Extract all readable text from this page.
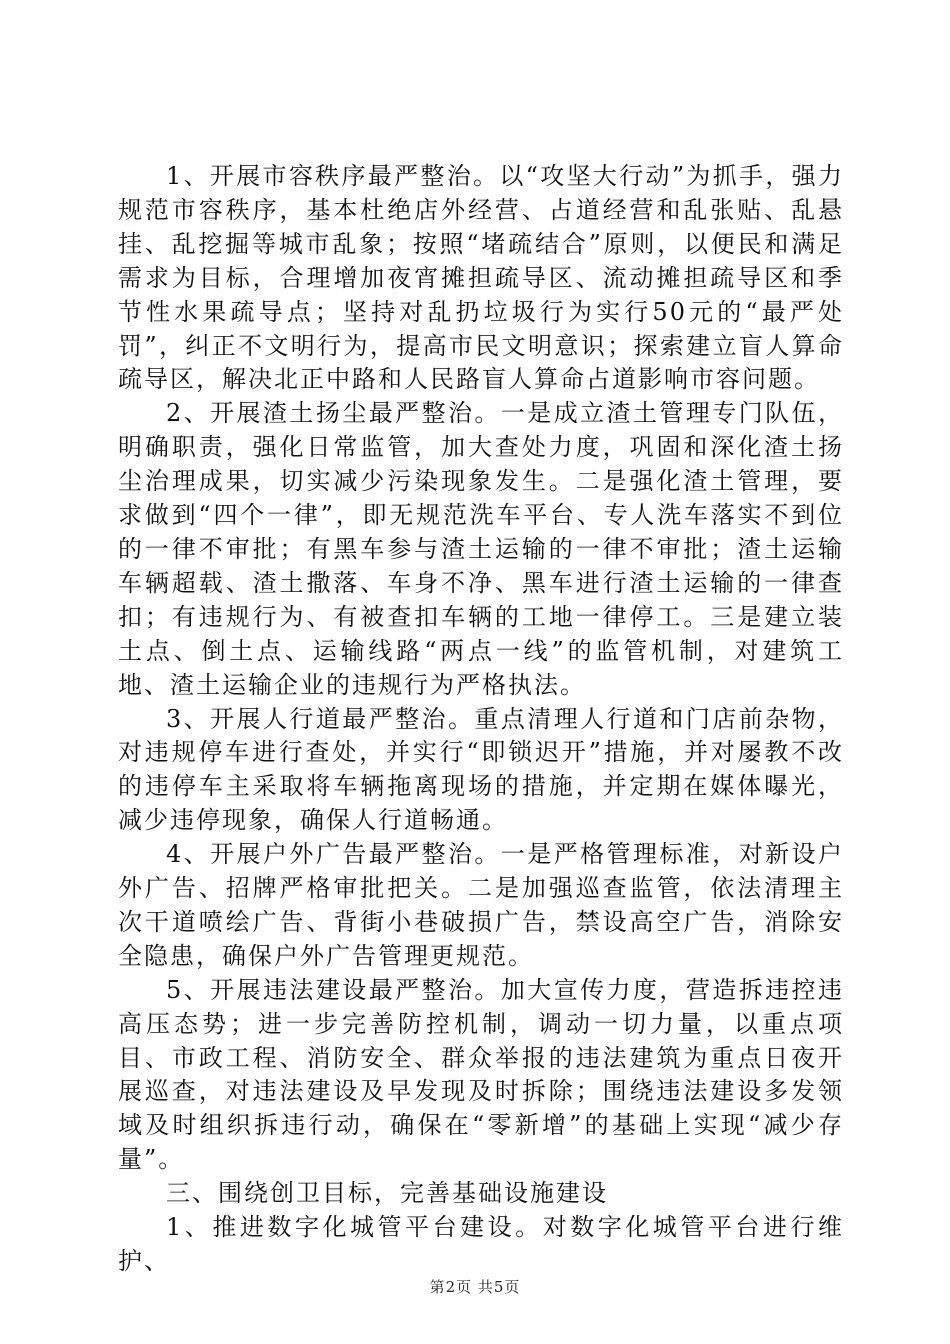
1、开展市容秩序最严整治。以“攻坚大行动”为抓手，强力规范市容秩序，基本杜绝店外经营、占道经营和乱张贴、乱悬挂、乱挖掘等城市乱象；按照“堵疏结合”原则，以便民和满足需求为目标，合理增加夜宵摊担疏导区、流动摊担疏导区和季节性水果疏导点；坚持对乱扔垃圾行为实行50元的“最严处罚”，纠正不文明行为，提高市民文明意识；探索建立盲人算命疏导区，解决北正中路和人民路盲人算命占道影响市容问题。

2、开展渣土扬尘最严整治。一是成立渣土管理专门队伍，明确职责，强化日常监管，加大查处力度，巩固和深化渣土扬尘治理成果，切实减少污染现象发生。二是强化渣土管理，要求做到“四个一律”，即无规范洗车平台、专人洗车落实不到位的一律不审批；有黑车参与渣土运输的一律不审批；渣土运输车辆超载、渣土撒落、车身不净、黑车进行渣土运输的一律查扣；有违规行为、有被查扣车辆的工地一律停工。三是建立装土点、倒土点、运输线路“两点一线”的监管机制，对建筑工地、渣土运输企业的违规行为严格执法。

3、开展人行道最严整治。重点清理人行道和门店前杂物，对违规停车进行查处，并实行“即锁迟开”措施，并对屡教不改的违停车主采取将车辆拖离现场的措施，并定期在媒体曝光，减少违停现象，确保人行道畅通。

4、开展户外广告最严整治。一是严格管理标准，对新设户外广告、招牌严格审批把关。二是加强巡查监管，依法清理主次干道喷绘广告、背街小巷破损广告，禁设高空广告，消除安全隐患，确保户外广告管理更规范。

5、开展违法建设最严整治。加大宣传力度，营造拆违控违高压态势；进一步完善防控机制，调动一切力量，以重点项目、市政工程、消防安全、群众举报的违法建筑为重点日夜开展巡查，对违法建设及早发现及时拆除；围绕违法建设多发领域及时组织拆违行动，确保在“零新增”的基础上实现“减少存量”。

三、围绕创卫目标，完善基础设施建设

1、推进数字化城管平台建设。对数字化城管平台进行维护、

第2页 共5页
